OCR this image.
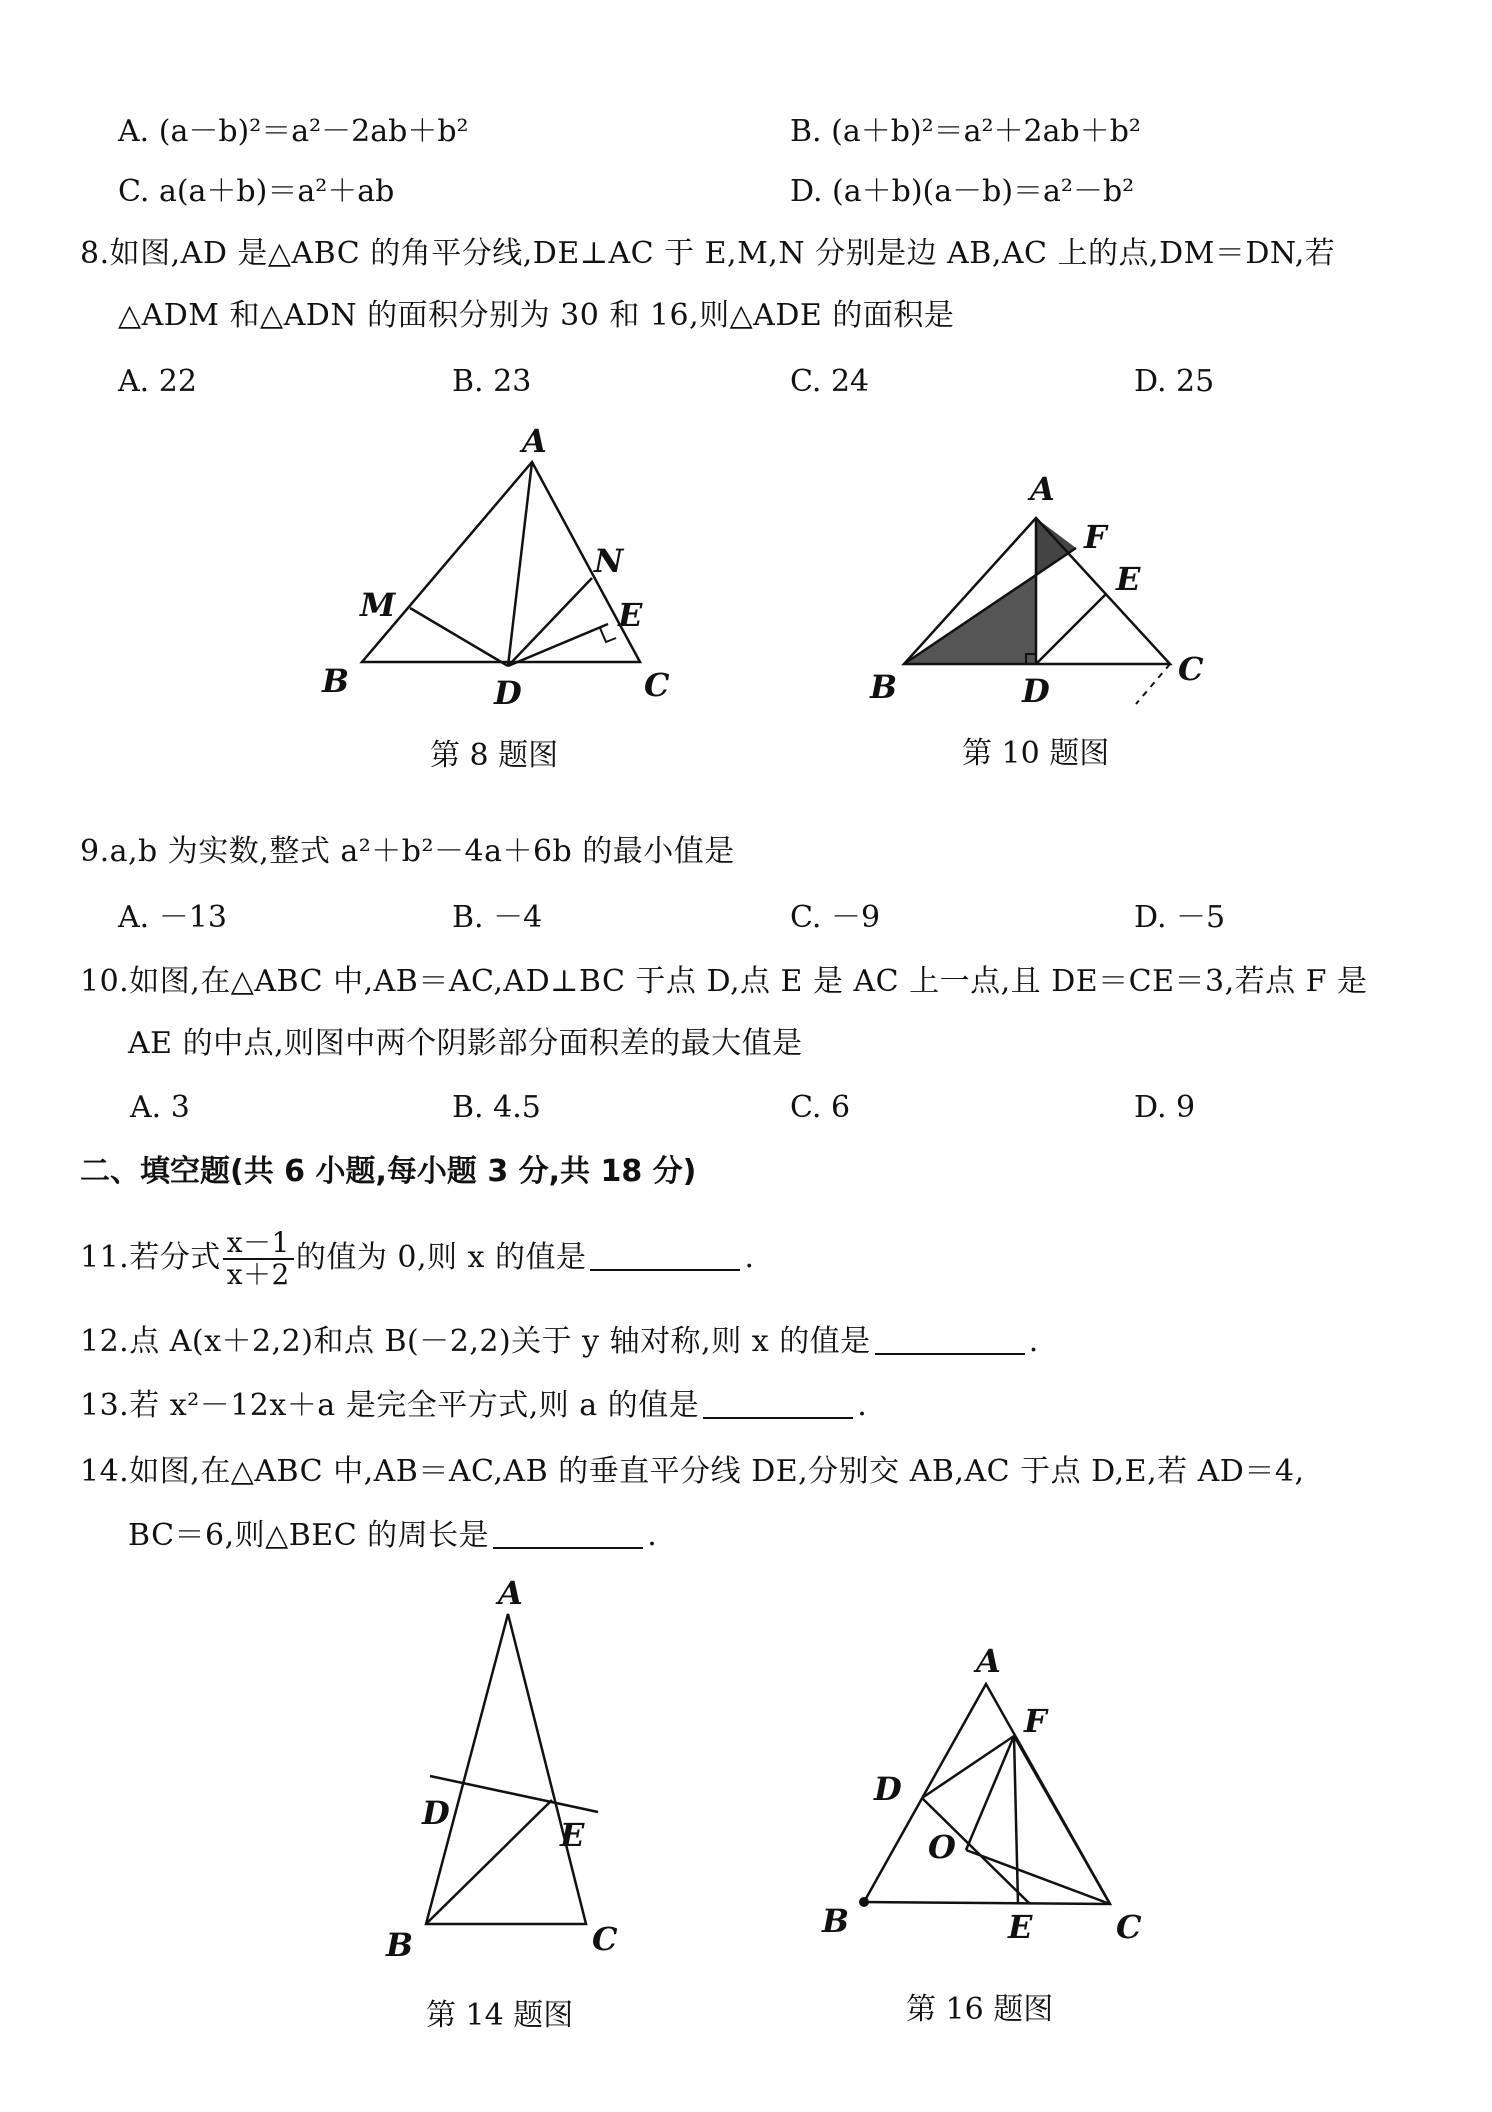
A. (a－b)²＝a²－2ab＋b²	B. (a＋b)²＝a²＋2ab＋b²
C. a(a＋b)＝a²＋ab	D. (a＋b)(a－b)＝a²－b²
8.如图,AD 是△ABC 的角平分线,DE⊥AC 于 E,M,N 分别是边 AB,AC 上的点,DM＝DN,若
△ADM 和△ADN 的面积分别为 30 和 16,则△ADE 的面积是
A. 22	B. 23	C. 24	D. 25
A
B	C
D
E
M
N
第 8 题图
A
B	C
D
E
F
第 10 题图
9.a,b 为实数,整式 a²＋b²－4a＋6b 的最小值是
A. －13	B. －4	C. －9	D. －5
10.如图,在△ABC 中,AB＝AC,AD⊥BC 于点 D,点 E 是 AC 上一点,且 DE＝CE＝3,若点 F 是
AE 的中点,则图中两个阴影部分面积差的最大值是
A. 3	B. 4.5	C. 6	D. 9
二、填空题(共 6 小题,每小题 3 分,共 18 分)
11.若分式 $\frac{x-1}{x+2}$ 的值为 0,则 x 的值是	.
12.点 A(x＋2,2)和点 B(－2,2)关于 y 轴对称,则 x 的值是	.
13.若 x²－12x＋a 是完全平方式,则 a 的值是	.
14.如图,在△ABC 中,AB＝AC,AB 的垂直平分线 DE,分别交 AB,AC 于点 D,E,若 AD＝4,
BC＝6,则△BEC 的周长是	.
A
B	C
D
E
第 14 题图
A
B	C
D
E
F
O
第 16 题图
